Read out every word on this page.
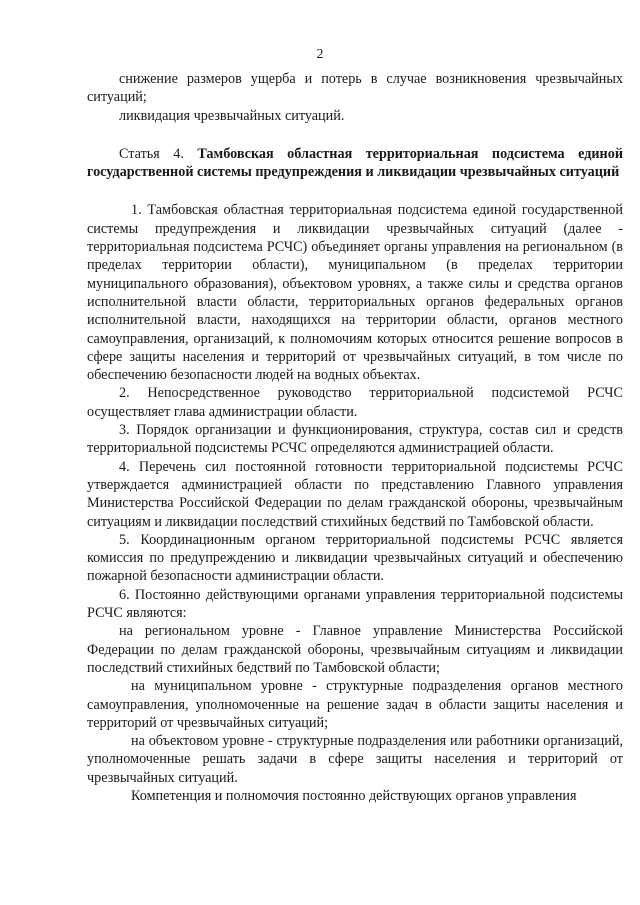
2

снижение размеров ущерба и потерь в случае возникновения чрезвычайных ситуаций;

ликвидация чрезвычайных ситуаций.

Статья 4. Тамбовская областная территориальная подсистема единой государственной системы предупреждения и ликвидации чрезвычайных ситуаций

1. Тамбовская областная территориальная подсистема единой государственной системы предупреждения и ликвидации чрезвычайных ситуаций (далее - территориальная подсистема РСЧС) объединяет органы управления на региональном (в пределах территории области), муниципальном (в пределах территории муниципального образования), объектовом уровнях, а также силы и средства органов исполнительной власти области, территориальных органов федеральных органов исполнительной власти, находящихся на территории области, органов местного самоуправления, организаций, к полномочиям которых относится решение вопросов в сфере защиты населения и территорий от чрезвычайных ситуаций, в том числе по обеспечению безопасности людей на водных объектах.

2. Непосредственное руководство территориальной подсистемой РСЧС осуществляет глава администрации области.

3. Порядок организации и функционирования, структура, состав сил и средств территориальной подсистемы РСЧС определяются администрацией области.

4. Перечень сил постоянной готовности территориальной подсистемы РСЧС утверждается администрацией области по представлению Главного управления Министерства Российской Федерации по делам гражданской обороны, чрезвычайным ситуациям и ликвидации последствий стихийных бедствий по Тамбовской области.

5. Координационным органом территориальной подсистемы РСЧС является комиссия по предупреждению и ликвидации чрезвычайных ситуаций и обеспечению пожарной безопасности администрации области.

6. Постоянно действующими органами управления территориальной подсистемы РСЧС являются:

на региональном уровне - Главное управление Министерства Российской Федерации по делам гражданской обороны, чрезвычайным ситуациям и ликвидации последствий стихийных бедствий по Тамбовской области;

на муниципальном уровне - структурные подразделения органов местного самоуправления, уполномоченные на решение задач в области защиты населения и территорий от чрезвычайных ситуаций;

на объектовом уровне - структурные подразделения или работники организаций, уполномоченные решать задачи в сфере защиты населения и территорий от чрезвычайных ситуаций.

Компетенция и полномочия постоянно действующих органов управления
